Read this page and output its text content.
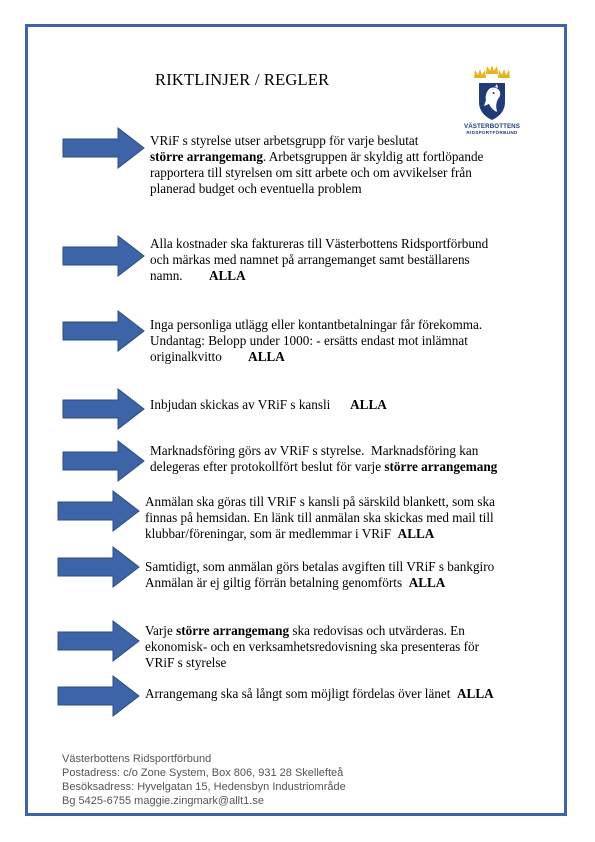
RIKTLINJER / REGLER
VÄSTERBOTTENS
RIDSPORTFÖRBUND
VRiF s styrelse utser arbetsgrupp för varje beslutat
större arrangemang. Arbetsgruppen är skyldig att fortlöpande
rapportera till styrelsen om sitt arbete och om avvikelser från
planerad budget och eventuella problem
Alla kostnader ska faktureras till Västerbottens Ridsportförbund
och märkas med namnet på arrangemanget samt beställarens
namn.        ALLA
Inga personliga utlägg eller kontantbetalningar får förekomma.
Undantag: Belopp under 1000: - ersätts endast mot inlämnat
originalkvitto        ALLA
Inbjudan skickas av VRiF s kansli      ALLA
Marknadsföring görs av VRiF s styrelse.  Marknadsföring kan
delegeras efter protokollfört beslut för varje större arrangemang
Anmälan ska göras till VRiF s kansli på särskild blankett, som ska
finnas på hemsidan. En länk till anmälan ska skickas med mail till
klubbar/föreningar, som är medlemmar i VRiF  ALLA
Samtidigt, som anmälan görs betalas avgiften till VRiF s bankgiro
Anmälan är ej giltig förrän betalning genomförts  ALLA
Varje större arrangemang ska redovisas och utvärderas. En
ekonomisk- och en verksamhetsredovisning ska presenteras för
VRiF s styrelse
Arrangemang ska så långt som möjligt fördelas över länet  ALLA
Västerbottens Ridsportförbund
Postadress: c/o Zone System, Box 806, 931 28 Skellefteå
Besöksadress: Hyvelgatan 15, Hedensbyn Industriområde
Bg 5425-6755 maggie.zingmark@allt1.se
